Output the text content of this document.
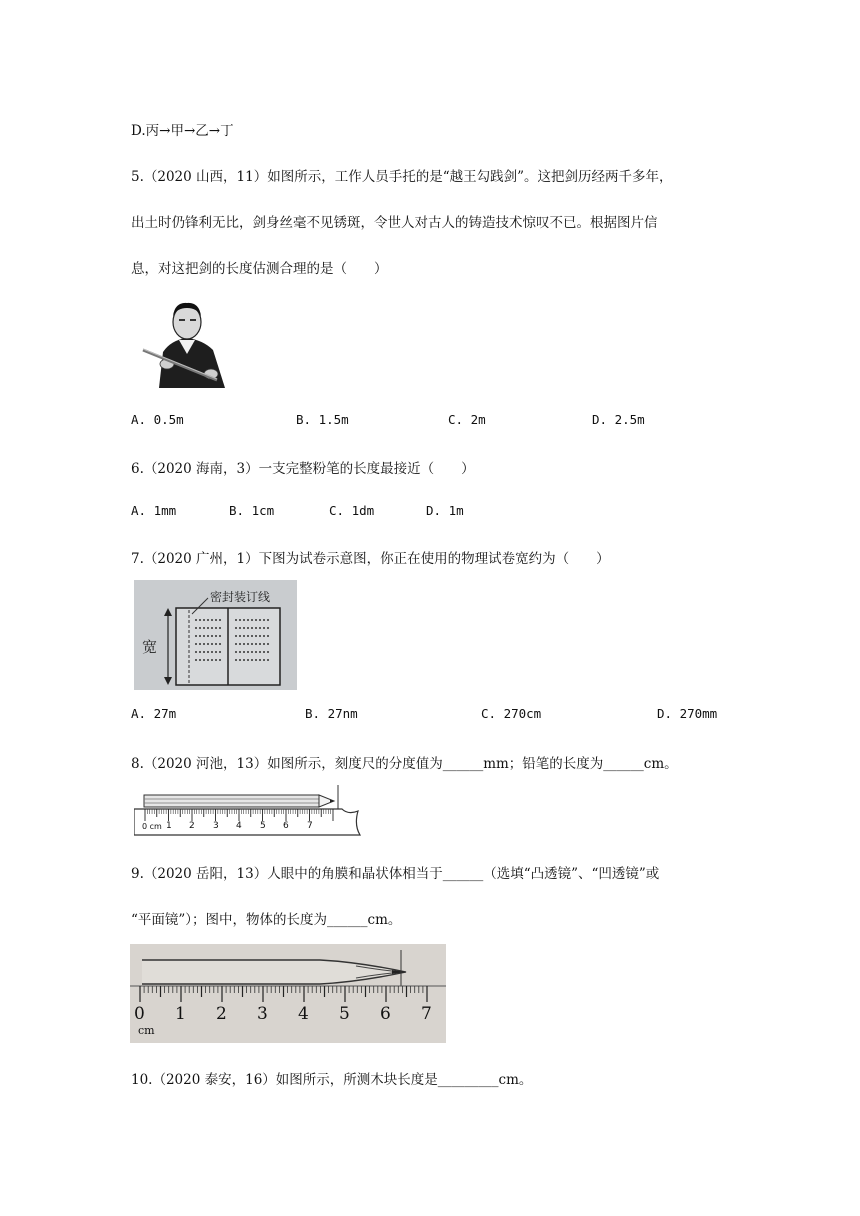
D.丙→甲→乙→丁
5.（2020 山西，11）如图所示，工作人员手托的是“越王勾践剑”。这把剑历经两千多年，
出土时仍锋利无比，剑身丝毫不见锈斑，令世人对古人的铸造技术惊叹不已。根据图片信
息，对这把剑的长度估测合理的是（　　）
A. 0.5m	B. 1.5m	C. 2m	D. 2.5m
6.（2020 海南，3）一支完整粉笔的长度最接近（　　）
A. 1mm	B. 1cm	C. 1dm	D. 1m
7.（2020 广州，1）下图为试卷示意图，你正在使用的物理试卷宽约为（　　）
密封装订线
宽
A. 27m	B. 27nm	C. 270cm	D. 270mm
8.（2020 河池，13）如图所示，刻度尺的分度值为______mm；铅笔的长度为______cm。
0 cm 1 2 3 4 5 6 7
9.（2020 岳阳，13）人眼中的角膜和晶状体相当于______（选填“凸透镜”、“凹透镜”或
“平面镜”）；图中，物体的长度为______cm。
0 1 2 3 4 5 6 7
cm
10.（2020 泰安，16）如图所示，所测木块长度是_________cm。
